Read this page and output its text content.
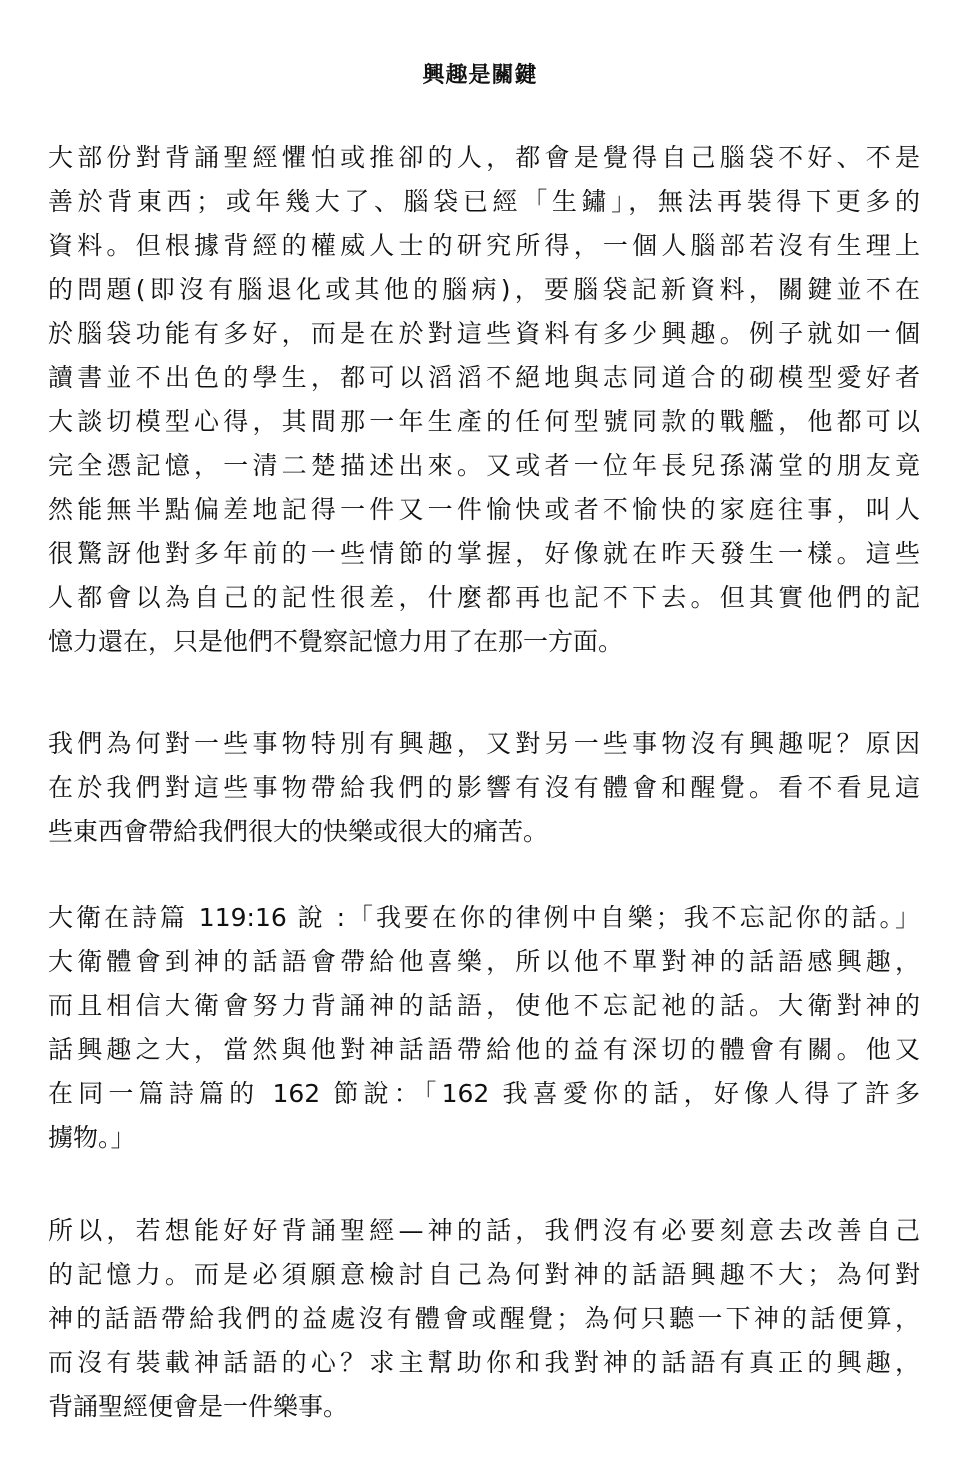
興趣是關鍵
大部份對背誦聖經懼怕或推卻的人，都會是覺得自己腦袋不好、不是
善於背東西；或年幾大了、腦袋已經「生鏽」，無法再裝得下更多的
資料。但根據背經的權威人士的研究所得，一個人腦部若沒有生理上
的問題(即沒有腦退化或其他的腦病)，要腦袋記新資料，關鍵並不在
於腦袋功能有多好，而是在於對這些資料有多少興趣。例子就如一個
讀書並不出色的學生，都可以滔滔不絕地與志同道合的砌模型愛好者
大談切模型心得，其間那一年生產的任何型號同款的戰艦，他都可以
完全憑記憶，一清二楚描述出來。又或者一位年長兒孫滿堂的朋友竟
然能無半點偏差地記得一件又一件愉快或者不愉快的家庭往事，叫人
很驚訝他對多年前的一些情節的掌握，好像就在昨天發生一樣。這些
人都會以為自己的記性很差，什麼都再也記不下去。但其實他們的記
憶力還在，只是他們不覺察記憶力用了在那一方面。
我們為何對一些事物特別有興趣，又對另一些事物沒有興趣呢？原因
在於我們對這些事物帶給我們的影響有沒有體會和醒覺。看不看見這
些東西會帶給我們很大的快樂或很大的痛苦。
大衛在詩篇 119:16 說 :「我要在你的律例中自樂；我不忘記你的話。」
大衛體會到神的話語會帶給他喜樂，所以他不單對神的話語感興趣，
而且相信大衛會努力背誦神的話語，使他不忘記祂的話。大衛對神的
話興趣之大，當然與他對神話語帶給他的益有深切的體會有關。他又
在同一篇詩篇的 162 節說：「162 我喜愛你的話，好像人得了許多
擄物。」
所以，若想能好好背誦聖經—神的話，我們沒有必要刻意去改善自己
的記憶力。而是必須願意檢討自己為何對神的話語興趣不大；為何對
神的話語帶給我們的益處沒有體會或醒覺；為何只聽一下神的話便算，
而沒有裝載神話語的心？求主幫助你和我對神的話語有真正的興趣，
背誦聖經便會是一件樂事。
